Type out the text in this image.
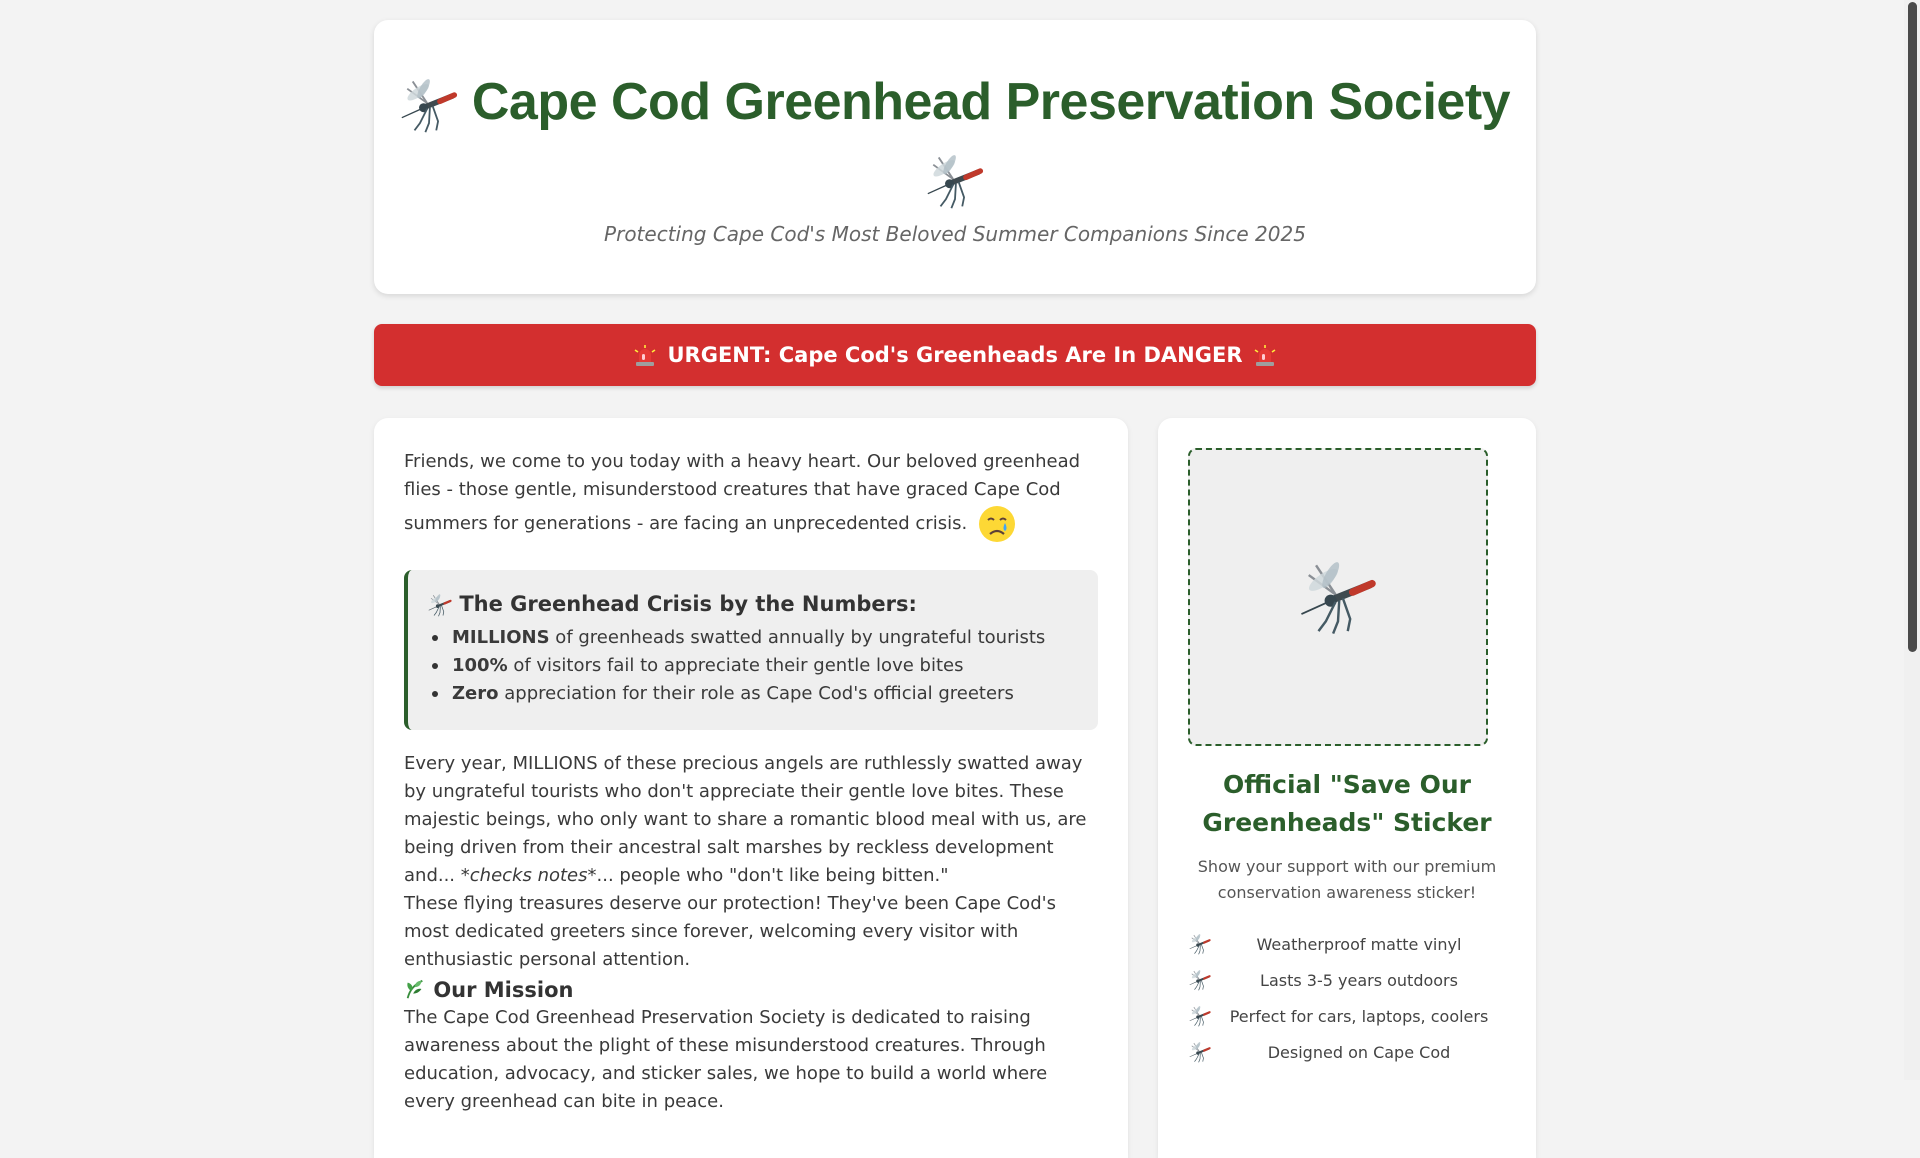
Cape Cod Greenhead Preservation Society

Protecting Cape Cod's Most Beloved Summer Companions Since 2025
URGENT: Cape Cod's Greenheads Are In DANGER

Friends, we come to you today with a heavy heart. Our beloved greenhead flies - those gentle, misunderstood creatures that have graced Cape Cod summers for generations - are facing an unprecedented crisis.

The Greenhead Crisis by the Numbers:
MILLIONS of greenheads swatted annually by ungrateful tourists
100% of visitors fail to appreciate their gentle love bites
Zero appreciation for their role as Cape Cod's official greeters

Every year, MILLIONS of these precious angels are ruthlessly swatted away by ungrateful tourists who don't appreciate their gentle love bites. These majestic beings, who only want to share a romantic blood meal with us, are being driven from their ancestral salt marshes by reckless development and... *checks notes*... people who "don't like being bitten."

These flying treasures deserve our protection! They've been Cape Cod's most dedicated greeters since forever, welcoming every visitor with enthusiastic personal attention.

Our Mission

The Cape Cod Greenhead Preservation Society is dedicated to raising awareness about the plight of these misunderstood creatures. Through education, advocacy, and sticker sales, we hope to build a world where every greenhead can bite in peace.

Official "Save Our Greenheads" Sticker
Show your support with our premium conservation awareness sticker!
Weatherproof matte vinyl
Lasts 3-5 years outdoors
Perfect for cars, laptops, coolers
Designed on Cape Cod
